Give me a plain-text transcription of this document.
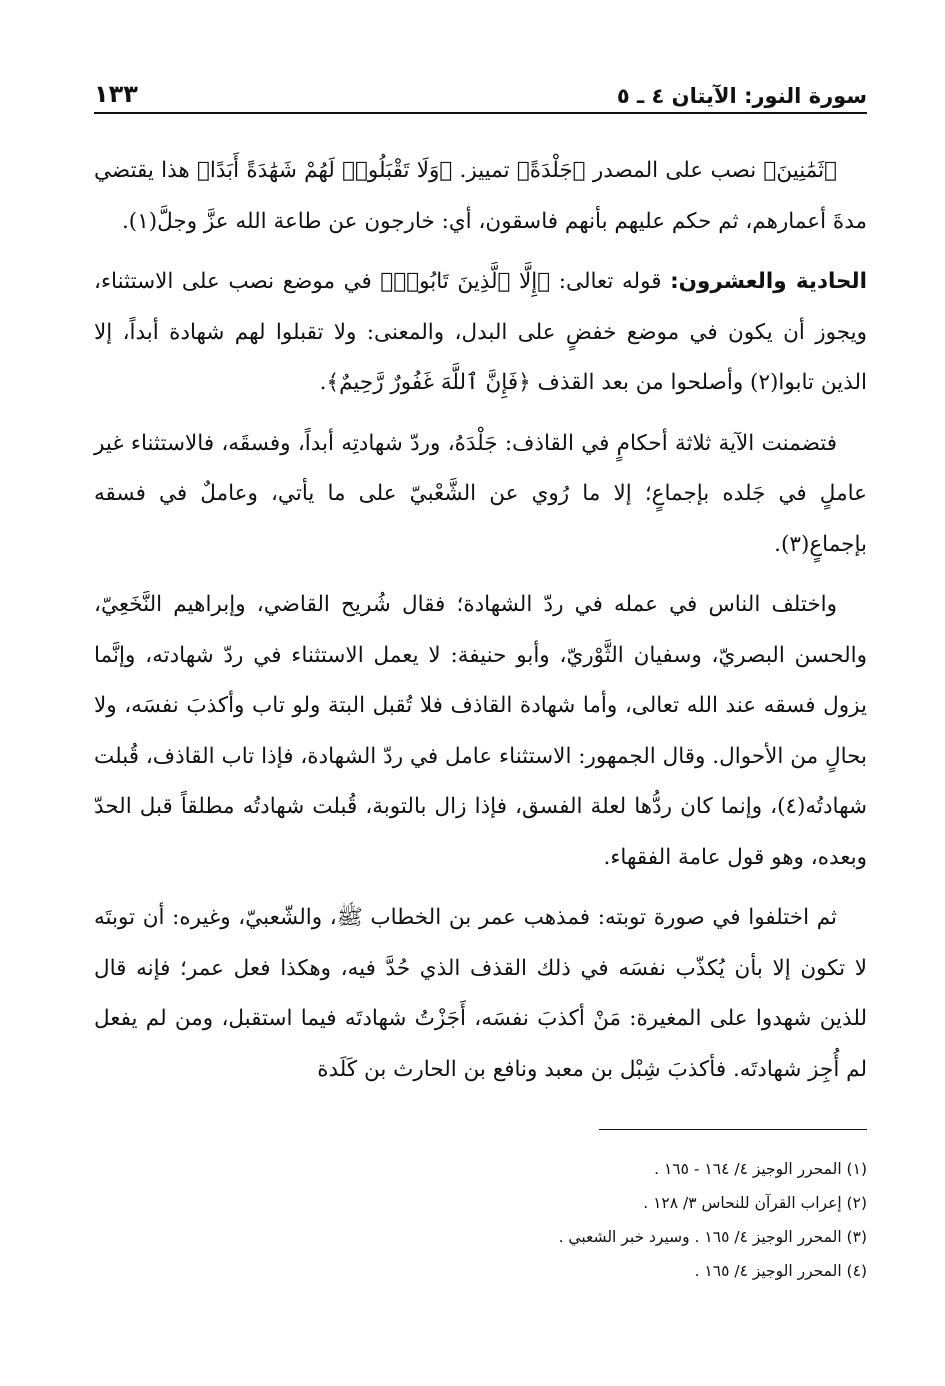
سورة النور: الآيتان ٤ ـ ٥
١٣٣

﴿ثَمَٰنِينَ﴾ نصب على المصدر ﴿جَلْدَةً﴾ تمييز. ﴿وَلَا تَقْبَلُوا۟ لَهُمْ شَهَٰدَةً أَبَدًا﴾ هذا يقتضي مدةَ أعمارهم، ثم حكم عليهم بأنهم فاسقون، أي: خارجون عن طاعة الله عزَّ وجلَّ(١).

الحادية والعشرون: قوله تعالى: ﴿إِلَّا ٱلَّذِينَ تَابُوا۟﴾ في موضع نصب على الاستثناء، ويجوز أن يكون في موضع خفضٍ على البدل، والمعنى: ولا تقبلوا لهم شهادة أبداً، إلا الذين تابوا(٢) وأصلحوا من بعد القذف ﴿فَإِنَّ ٱللَّهَ غَفُورٌ رَّحِيمٌ﴾.

فتضمنت الآية ثلاثة أحكامٍ في القاذف: جَلْدَهُ، وردّ شهادتِه أبداً، وفسقَه، فالاستثناء غير عاملٍ في جَلده بإجماعٍ؛ إلا ما رُوي عن الشَّعْبيّ على ما يأتي، وعاملٌ في فسقه بإجماعٍ(٣).

واختلف الناس في عمله في ردّ الشهادة؛ فقال شُريح القاضي، وإبراهيم النَّخَعِيّ، والحسن البصريّ، وسفيان الثَّوْريّ، وأبو حنيفة: لا يعمل الاستثناء في ردّ شهادته، وإنَّما يزول فسقه عند الله تعالى، وأما شهادة القاذف فلا تُقبل البتة ولو تاب وأكذبَ نفسَه، ولا بحالٍ من الأحوال. وقال الجمهور: الاستثناء عامل في ردّ الشهادة، فإذا تاب القاذف، قُبلت شهادتُه(٤)، وإنما كان ردُّها لعلة الفسق، فإذا زال بالتوبة، قُبلت شهادتُه مطلقاً قبل الحدّ وبعده، وهو قول عامة الفقهاء.

ثم اختلفوا في صورة توبته: فمذهب عمر بن الخطاب ﷺ، والشّعبيّ، وغيره: أن توبتَه لا تكون إلا بأن يُكذّب نفسَه في ذلك القذف الذي حُدَّ فيه، وهكذا فعل عمر؛ فإنه قال للذين شهدوا على المغيرة: مَنْ أكذبَ نفسَه، أَجَزْتُ شهادتَه فيما استقبل، ومن لم يفعل لم أُجِز شهادتَه. فأكذبَ شِبْل بن معبد ونافع بن الحارث بن كَلَدة

(١) المحرر الوجيز ٤/ ١٦٤ - ١٦٥ .

(٢) إعراب القرآن للنحاس ٣/ ١٢٨ .

(٣) المحرر الوجيز ٤/ ١٦٥ . وسيرد خبر الشعبي .

(٤) المحرر الوجيز ٤/ ١٦٥ .
